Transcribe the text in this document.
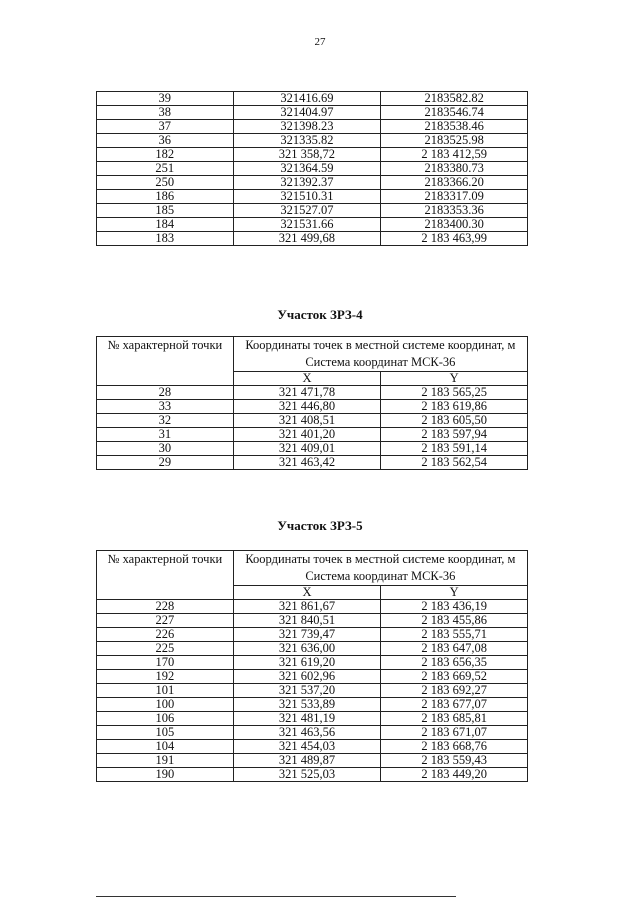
27
39	321416.69	2183582.82
38	321404.97	2183546.74
37	321398.23	2183538.46
36	321335.82	2183525.98
182	321 358,72	2 183 412,59
251	321364.59	2183380.73
250	321392.37	2183366.20
186	321510.31	2183317.09
185	321527.07	2183353.36
184	321531.66	2183400.30
183	321 499,68	2 183 463,99
Участок ЗРЗ-4
№ характерной точки	Координаты точек в местной системе координат, м Система координат МСК-36	
	X	Y
28	321 471,78	2 183 565,25
33	321 446,80	2 183 619,86
32	321 408,51	2 183 605,50
31	321 401,20	2 183 597,94
30	321 409,01	2 183 591,14
29	321 463,42	2 183 562,54
Участок ЗРЗ-5
№ характерной точки	Координаты точек в местной системе координат, м Система координат МСК-36	
	X	Y
228	321 861,67	2 183 436,19
227	321 840,51	2 183 455,86
226	321 739,47	2 183 555,71
225	321 636,00	2 183 647,08
170	321 619,20	2 183 656,35
192	321 602,96	2 183 669,52
101	321 537,20	2 183 692,27
100	321 533,89	2 183 677,07
106	321 481,19	2 183 685,81
105	321 463,56	2 183 671,07
104	321 454,03	2 183 668,76
191	321 489,87	2 183 559,43
190	321 525,03	2 183 449,20
